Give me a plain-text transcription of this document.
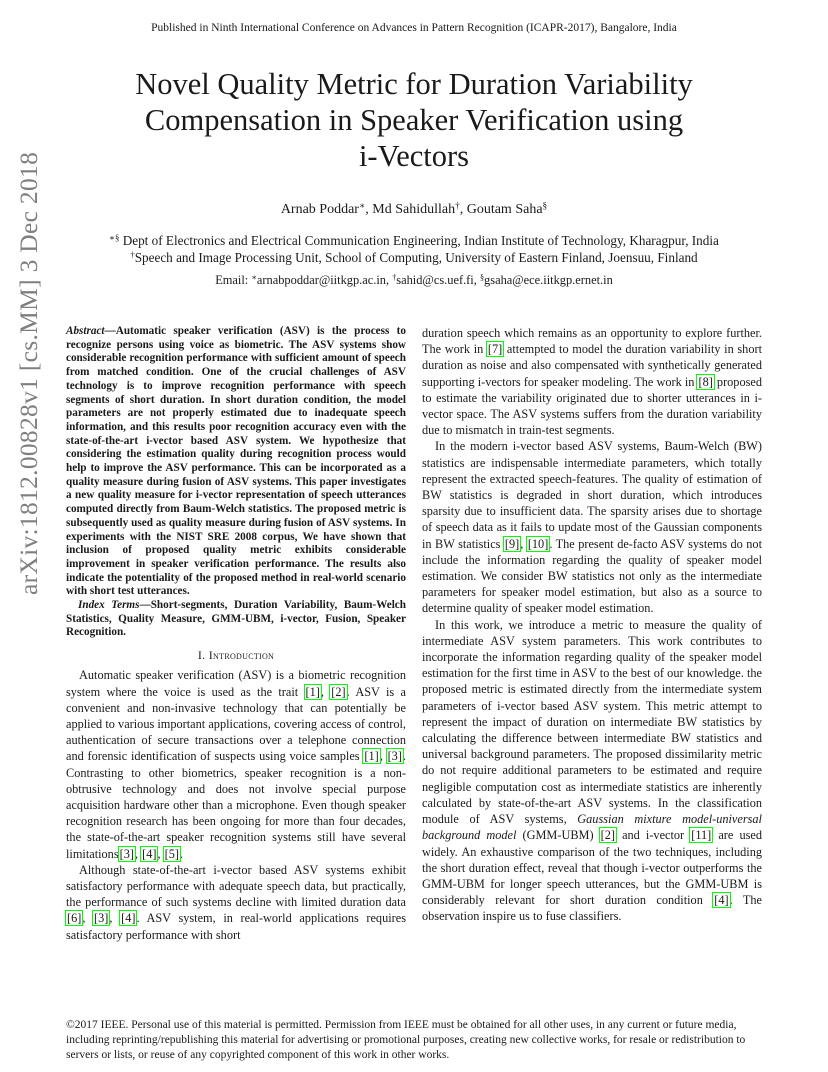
Published in Ninth International Conference on Advances in Pattern Recognition (ICAPR-2017), Bangalore, India
Novel Quality Metric for Duration Variability
Compensation in Speaker Verification using
i-Vectors
Arnab Poddar∗, Md Sahidullah†, Goutam Saha§
∗§ Dept of Electronics and Electrical Communication Engineering, Indian Institute of Technology, Kharagpur, India
†Speech and Image Processing Unit, School of Computing, University of Eastern Finland, Joensuu, Finland
Email: ∗arnabpoddar@iitkgp.ac.in, †sahid@cs.uef.fi, §gsaha@ece.iitkgp.ernet.in
arXiv:1812.00828v1 [cs.MM] 3 Dec 2018 Abstract—Automatic speaker verification (ASV) is the process to recognize persons using voice as biometric. The ASV systems show considerable recognition performance with sufficient amount of speech from matched condition. One of the crucial challenges of ASV technology is to improve recognition performance with speech segments of short duration. In short duration condition, the model parameters are not properly estimated due to inadequate speech information, and this results poor recognition accuracy even with the state-of-the-art i-vector based ASV system. We hypothesize that considering the estimation quality during recognition process would help to improve the ASV performance. This can be incorporated as a quality measure during fusion of ASV systems. This paper investigates a new quality measure for i-vector representation of speech utterances computed directly from Baum-Welch statistics. The proposed metric is subsequently used as quality measure during fusion of ASV systems. In experiments with the NIST SRE 2008 corpus, We have shown that inclusion of proposed quality metric exhibits considerable improvement in speaker verification performance. The results also indicate the potentiality of the proposed method in real-world scenario with short test utterances.

Index Terms—Short-segments, Duration Variability, Baum-Welch Statistics, Quality Measure, GMM-UBM, i-vector, Fusion, Speaker Recognition.

I. Introduction

Automatic speaker verification (ASV) is a biometric recognition system where the voice is used as the trait [1], [2]. ASV is a convenient and non-invasive technology that can potentially be applied to various important applications, covering access of control, authentication of secure transactions over a telephone connection and forensic identification of suspects using voice samples [1], [3]. Contrasting to other biometrics, speaker recognition is a non-obtrusive technology and does not involve special purpose acquisition hardware other than a microphone. Even though speaker recognition research has been ongoing for more than four decades, the state-of-the-art speaker recognition systems still have several limitations[3], [4], [5].

Although state-of-the-art i-vector based ASV systems exhibit satisfactory performance with adequate speech data, but practically, the performance of such systems decline with limited duration data [6], [3], [4]. ASV system, in real-world applications requires satisfactory performance with short

duration speech which remains as an opportunity to explore further. The work in [7] attempted to model the duration variability in short duration as noise and also compensated with synthetically generated supporting i-vectors for speaker modeling. The work in [8] proposed to estimate the variability originated due to shorter utterances in i-vector space. The ASV systems suffers from the duration variability due to mismatch in train-test segments.

In the modern i-vector based ASV systems, Baum-Welch (BW) statistics are indispensable intermediate parameters, which totally represent the extracted speech-features. The quality of estimation of BW statistics is degraded in short duration, which introduces sparsity due to insufficient data. The sparsity arises due to shortage of speech data as it fails to update most of the Gaussian components in BW statistics [9], [10]. The present de-facto ASV systems do not include the information regarding the quality of speaker model estimation. We consider BW statistics not only as the intermediate parameters for speaker model estimation, but also as a source to determine quality of speaker model estimation.

In this work, we introduce a metric to measure the quality of intermediate ASV system parameters. This work contributes to incorporate the information regarding quality of the speaker model estimation for the first time in ASV to the best of our knowledge. the proposed metric is estimated directly from the intermediate system parameters of i-vector based ASV system. This metric attempt to represent the impact of duration on intermediate BW statistics by calculating the difference between intermediate BW statistics and universal background parameters. The proposed dissimilarity metric do not require additional parameters to be estimated and require negligible computation cost as intermediate statistics are inherently calculated by state-of-the-art ASV systems. In the classification module of ASV systems, Gaussian mixture model-universal background model (GMM-UBM) [2] and i-vector [11] are used widely. An exhaustive comparison of the two techniques, including the short duration effect, reveal that though i-vector outperforms the GMM-UBM for longer speech utterances, but the GMM-UBM is considerably relevant for short duration condition [4]. The observation inspire us to fuse classifiers.

©2017 IEEE. Personal use of this material is permitted. Permission from IEEE must be obtained for all other uses, in any current or future media, including reprinting/republishing this material for advertising or promotional purposes, creating new collective works, for resale or redistribution to servers or lists, or reuse of any copyrighted component of this work in other works.
